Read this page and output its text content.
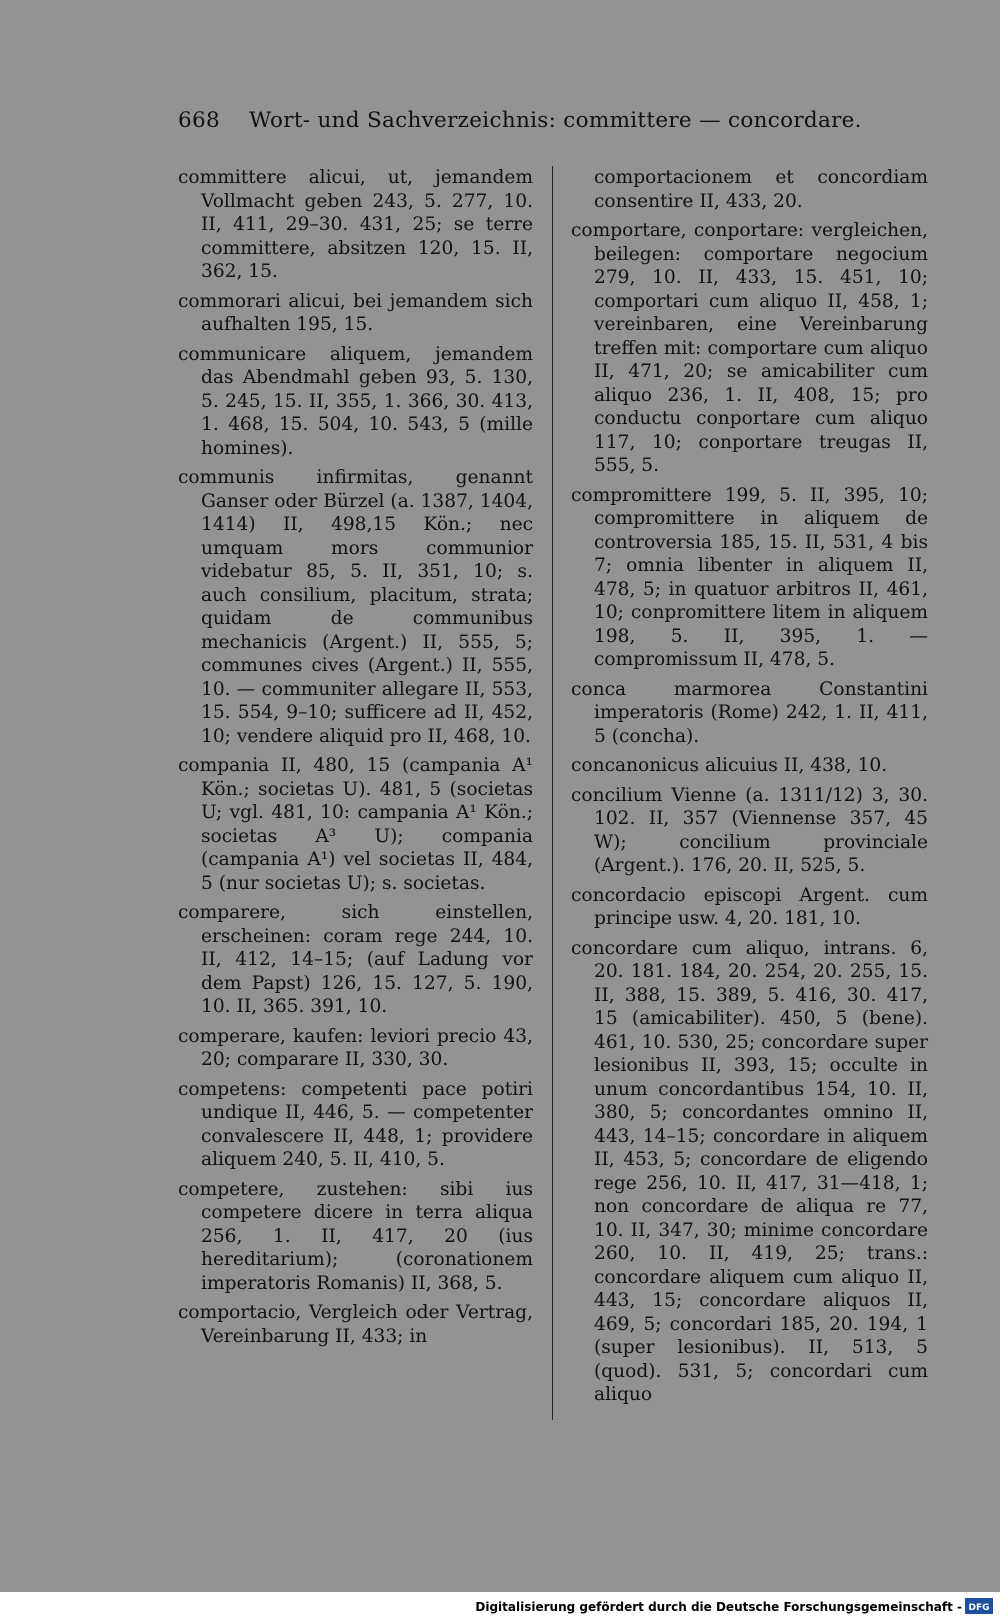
668 Wort- und Sachverzeichnis: committere — concordare.

committere alicui, ut, jemandem Vollmacht geben 243, 5. 277, 10. II, 411, 29–30. 431, 25; se terre committere, absitzen 120, 15. II, 362, 15.

commorari alicui, bei jemandem sich aufhalten 195, 15.

communicare aliquem, jemandem das Abendmahl geben 93, 5. 130, 5. 245, 15. II, 355, 1. 366, 30. 413, 1. 468, 15. 504, 10. 543, 5 (mille homines).

communis infirmitas, genannt Ganser oder Bürzel (a. 1387, 1404, 1414) II, 498,15 Kön.; nec umquam mors communior videbatur 85, 5. II, 351, 10; s. auch consilium, placitum, strata; quidam de communibus mechanicis (Argent.) II, 555, 5; communes cives (Argent.) II, 555, 10. — communiter allegare II, 553, 15. 554, 9–10; sufficere ad II, 452, 10; vendere aliquid pro II, 468, 10.

compania II, 480, 15 (campania A¹ Kön.; societas U). 481, 5 (societas U; vgl. 481, 10: campania A¹ Kön.; societas A³ U); compania (campania A¹) vel societas II, 484, 5 (nur societas U); s. societas.

comparere, sich einstellen, erscheinen: coram rege 244, 10. II, 412, 14–15; (auf Ladung vor dem Papst) 126, 15. 127, 5. 190, 10. II, 365. 391, 10.

comperare, kaufen: leviori precio 43, 20; comparare II, 330, 30.

competens: competenti pace potiri undique II, 446, 5. — competenter convalescere II, 448, 1; providere aliquem 240, 5. II, 410, 5.

competere, zustehen: sibi ius competere dicere in terra aliqua 256, 1. II, 417, 20 (ius hereditarium); (coronationem imperatoris Romanis) II, 368, 5.

comportacio, Vergleich oder Vertrag, Vereinbarung II, 433; in

comportacionem et concordiam consentire II, 433, 20.

comportare, conportare: vergleichen, beilegen: comportare negocium 279, 10. II, 433, 15. 451, 10; comportari cum aliquo II, 458, 1; vereinbaren, eine Vereinbarung treffen mit: comportare cum aliquo II, 471, 20; se amicabiliter cum aliquo 236, 1. II, 408, 15; pro conductu conportare cum aliquo 117, 10; conportare treugas II, 555, 5.

compromittere 199, 5. II, 395, 10; compromittere in aliquem de controversia 185, 15. II, 531, 4 bis 7; omnia libenter in aliquem II, 478, 5; in quatuor arbitros II, 461, 10; conpromittere litem in aliquem 198, 5. II, 395, 1. — compromissum II, 478, 5.

conca marmorea Constantini imperatoris (Rome) 242, 1. II, 411, 5 (concha).

concanonicus alicuius II, 438, 10.

concilium Vienne (a. 1311/12) 3, 30. 102. II, 357 (Viennense 357, 45 W); concilium provinciale (Argent.). 176, 20. II, 525, 5.

concordacio episcopi Argent. cum principe usw. 4, 20. 181, 10.

concordare cum aliquo, intrans. 6, 20. 181. 184, 20. 254, 20. 255, 15. II, 388, 15. 389, 5. 416, 30. 417, 15 (amicabiliter). 450, 5 (bene). 461, 10. 530, 25; concordare super lesionibus II, 393, 15; occulte in unum concordantibus 154, 10. II, 380, 5; concordantes omnino II, 443, 14–15; concordare in aliquem II, 453, 5; concordare de eligendo rege 256, 10. II, 417, 31—418, 1; non concordare de aliqua re 77, 10. II, 347, 30; minime concordare 260, 10. II, 419, 25; trans.: concordare aliquem cum aliquo II, 443, 15; concordare aliquos II, 469, 5; concordari 185, 20. 194, 1 (super lesionibus). II, 513, 5 (quod). 531, 5; concordari cum aliquo

Digitalisierung gefördert durch die Deutsche Forschungsgemeinschaft - DFG
